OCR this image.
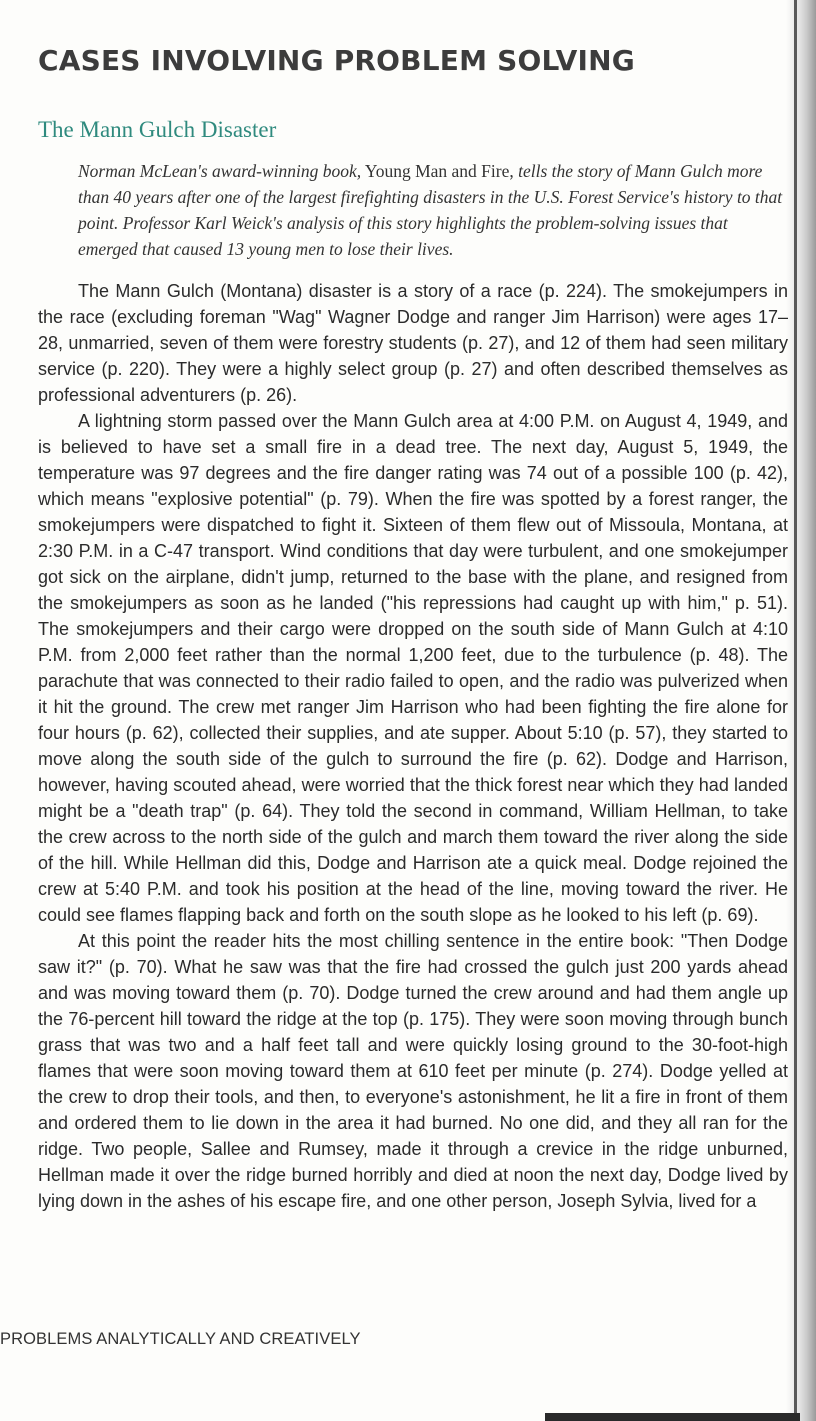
CASES INVOLVING PROBLEM SOLVING
The Mann Gulch Disaster

Norman McLean's award-winning book, Young Man and Fire, tells the story of Mann Gulch more than 40 years after one of the largest firefighting disasters in the U.S. Forest Service's history to that point. Professor Karl Weick's analysis of this story highlights the problem-solving issues that emerged that caused 13 young men to lose their lives.

The Mann Gulch (Montana) disaster is a story of a race (p. 224). The smokejumpers in the race (excluding foreman "Wag" Wagner Dodge and ranger Jim Harrison) were ages 17–28, unmarried, seven of them were forestry students (p. 27), and 12 of them had seen military service (p. 220). They were a highly select group (p. 27) and often described themselves as professional adventurers (p. 26).

A lightning storm passed over the Mann Gulch area at 4:00 P.M. on August 4, 1949, and is believed to have set a small fire in a dead tree. The next day, August 5, 1949, the temperature was 97 degrees and the fire danger rating was 74 out of a possible 100 (p. 42), which means "explosive potential" (p. 79). When the fire was spotted by a forest ranger, the smokejumpers were dispatched to fight it. Sixteen of them flew out of Missoula, Montana, at 2:30 P.M. in a C-47 transport. Wind conditions that day were turbulent, and one smokejumper got sick on the airplane, didn't jump, returned to the base with the plane, and resigned from the smokejumpers as soon as he landed ("his repressions had caught up with him," p. 51). The smokejumpers and their cargo were dropped on the south side of Mann Gulch at 4:10 P.M. from 2,000 feet rather than the normal 1,200 feet, due to the turbulence (p. 48). The parachute that was connected to their radio failed to open, and the radio was pulverized when it hit the ground. The crew met ranger Jim Harrison who had been fighting the fire alone for four hours (p. 62), collected their supplies, and ate supper. About 5:10 (p. 57), they started to move along the south side of the gulch to surround the fire (p. 62). Dodge and Harrison, however, having scouted ahead, were worried that the thick forest near which they had landed might be a "death trap" (p. 64). They told the second in command, William Hellman, to take the crew across to the north side of the gulch and march them toward the river along the side of the hill. While Hellman did this, Dodge and Harrison ate a quick meal. Dodge rejoined the crew at 5:40 P.M. and took his position at the head of the line, moving toward the river. He could see flames flapping back and forth on the south slope as he looked to his left (p. 69).

At this point the reader hits the most chilling sentence in the entire book: "Then Dodge saw it?" (p. 70). What he saw was that the fire had crossed the gulch just 200 yards ahead and was moving toward them (p. 70). Dodge turned the crew around and had them angle up the 76-percent hill toward the ridge at the top (p. 175). They were soon moving through bunch grass that was two and a half feet tall and were quickly losing ground to the 30-foot-high flames that were soon moving toward them at 610 feet per minute (p. 274). Dodge yelled at the crew to drop their tools, and then, to everyone's astonishment, he lit a fire in front of them and ordered them to lie down in the area it had burned. No one did, and they all ran for the ridge. Two people, Sallee and Rumsey, made it through a crevice in the ridge unburned, Hellman made it over the ridge burned horribly and died at noon the next day, Dodge lived by lying down in the ashes of his escape fire, and one other person, Joseph Sylvia, lived for a

PROBLEMS ANALYTICALLY AND CREATIVELY
